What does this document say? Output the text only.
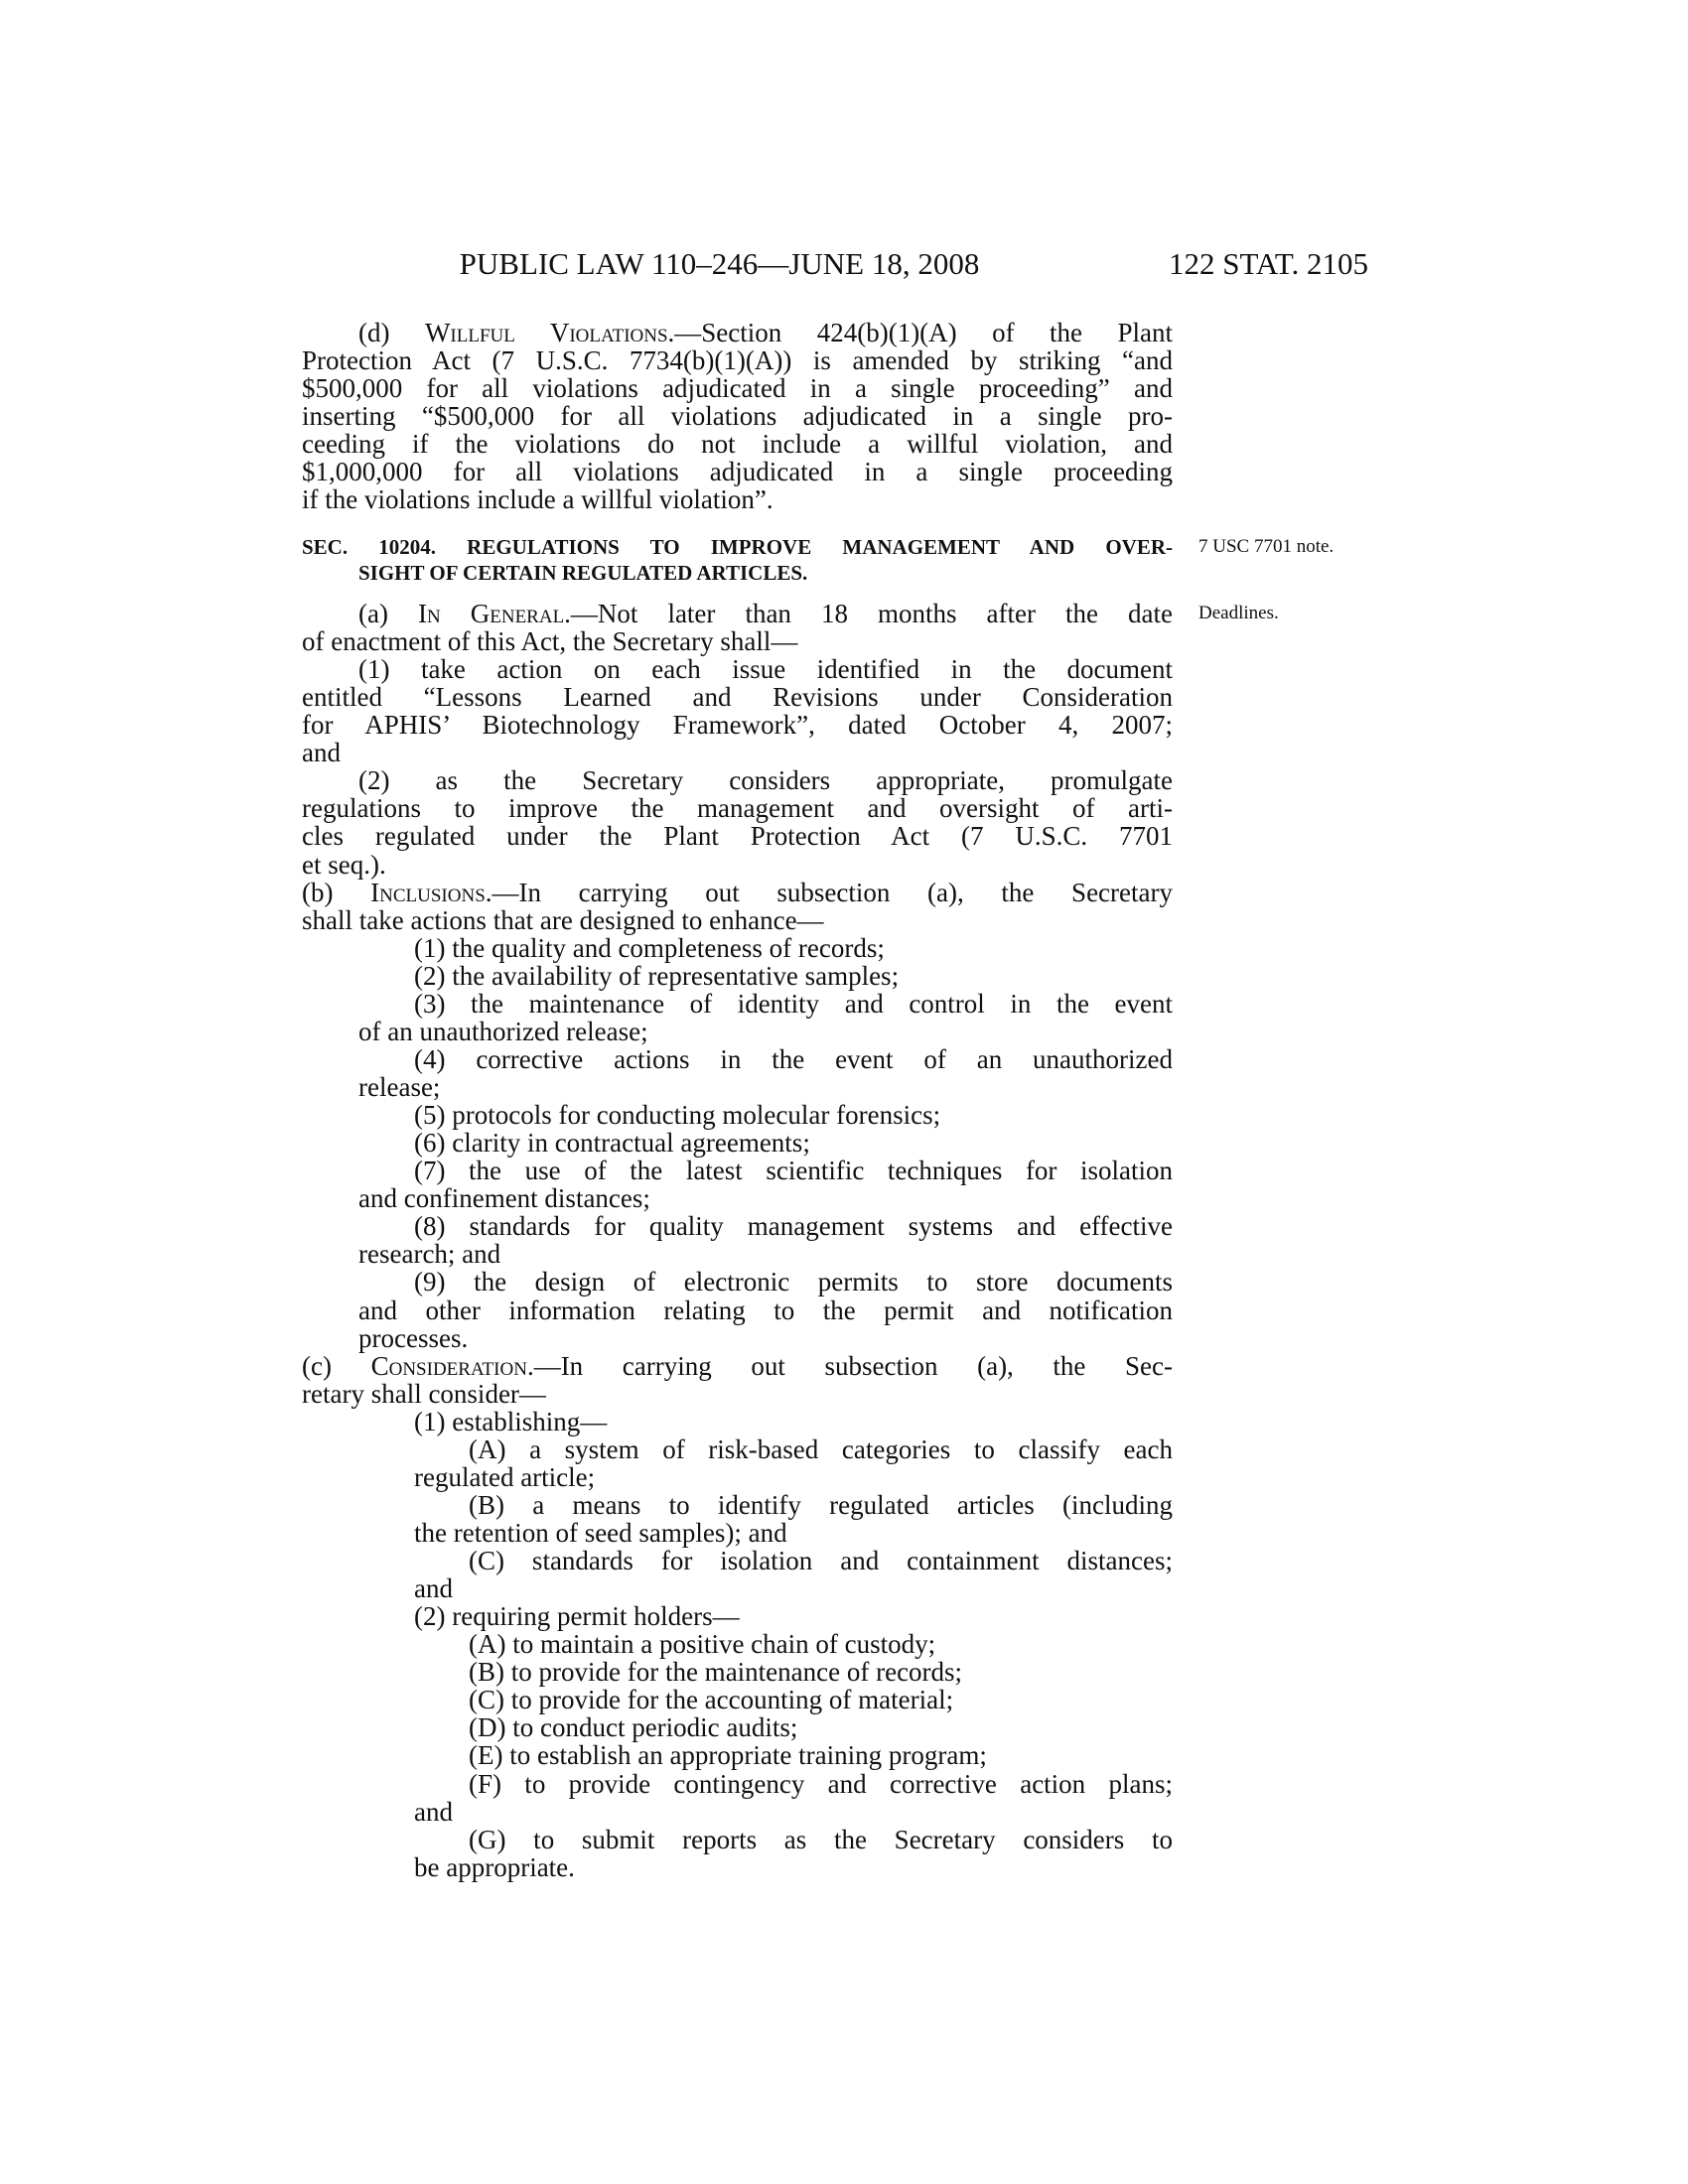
PUBLIC LAW 110–246—JUNE 18, 2008	122 STAT. 2105
SEC. 10204. REGULATIONS TO IMPROVE MANAGEMENT AND OVER-
SIGHT OF CERTAIN REGULATED ARTICLES.
7 USC 7701 note.
Deadlines.
(d) Willful Violations.—Section 424(b)(1)(A) of the Plant
Protection Act (7 U.S.C. 7734(b)(1)(A)) is amended by striking “and
$500,000 for all violations adjudicated in a single proceeding” and
inserting “$500,000 for all violations adjudicated in a single pro-
ceeding if the violations do not include a willful violation, and
$1,000,000 for all violations adjudicated in a single proceeding
if the violations include a willful violation”.
(a) In General.—Not later than 18 months after the date
of enactment of this Act, the Secretary shall—
(1) take action on each issue identified in the document
entitled “Lessons Learned and Revisions under Consideration
for APHIS’ Biotechnology Framework”, dated October 4, 2007;
and
(2) as the Secretary considers appropriate, promulgate
regulations to improve the management and oversight of arti-
cles regulated under the Plant Protection Act (7 U.S.C. 7701
et seq.).
(b) Inclusions.—In carrying out subsection (a), the Secretary
shall take actions that are designed to enhance—
(1) the quality and completeness of records;
(2) the availability of representative samples;
(3) the maintenance of identity and control in the event
of an unauthorized release;
(4) corrective actions in the event of an unauthorized
release;
(5) protocols for conducting molecular forensics;
(6) clarity in contractual agreements;
(7) the use of the latest scientific techniques for isolation
and confinement distances;
(8) standards for quality management systems and effective
research; and
(9) the design of electronic permits to store documents
and other information relating to the permit and notification
processes.
(c) Consideration.—In carrying out subsection (a), the Sec-
retary shall consider—
(1) establishing—
(A) a system of risk-based categories to classify each
regulated article;
(B) a means to identify regulated articles (including
the retention of seed samples); and
(C) standards for isolation and containment distances;
and
(2) requiring permit holders—
(A) to maintain a positive chain of custody;
(B) to provide for the maintenance of records;
(C) to provide for the accounting of material;
(D) to conduct periodic audits;
(E) to establish an appropriate training program;
(F) to provide contingency and corrective action plans;
and
(G) to submit reports as the Secretary considers to
be appropriate.
